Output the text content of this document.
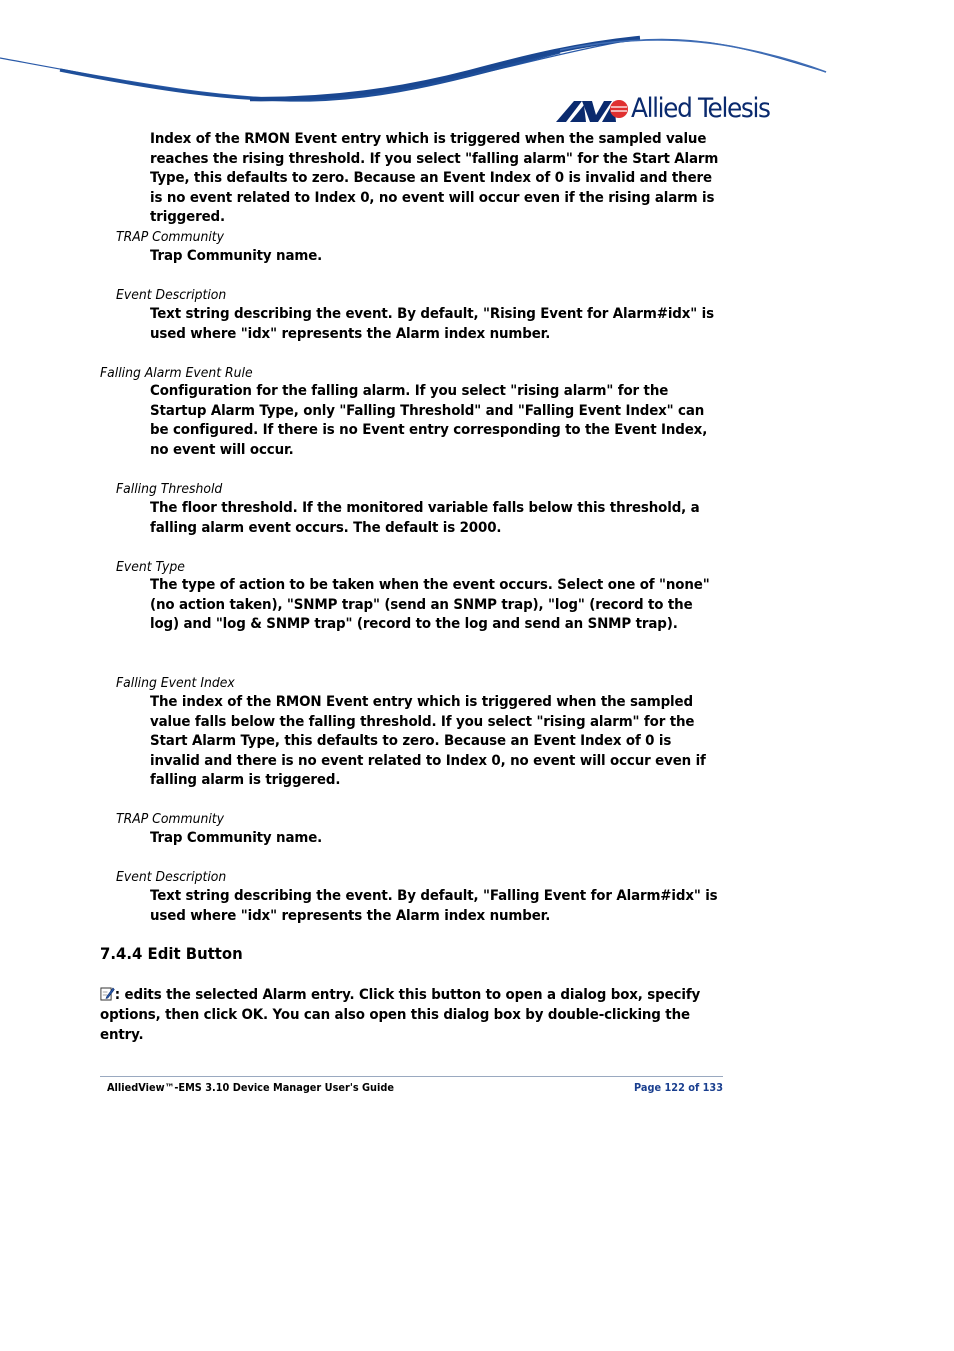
Allied Telesis
Index of the RMON Event entry which is triggered when the sampled value reaches the rising threshold. If you select "falling alarm" for the Start Alarm Type, this defaults to zero. Because an Event Index of 0 is invalid and there is no event related to Index 0, no event will occur even if the rising alarm is triggered.
TRAP Community
Trap Community name.
Event Description
Text string describing the event. By default, "Rising Event for Alarm#idx" is used where "idx" represents the Alarm index number.
Falling Alarm Event Rule
Configuration for the falling alarm. If you select "rising alarm" for the Startup Alarm Type, only "Falling Threshold" and "Falling Event Index" can be configured. If there is no Event entry corresponding to the Event Index, no event will occur.
Falling Threshold
The floor threshold. If the monitored variable falls below this threshold, a falling alarm event occurs. The default is 2000.
Event Type
The type of action to be taken when the event occurs. Select one of "none" (no action taken), "SNMP trap" (send an SNMP trap), "log" (record to the log) and "log & SNMP trap" (record to the log and send an SNMP trap).
Falling Event Index
The index of the RMON Event entry which is triggered when the sampled value falls below the falling threshold. If you select "rising alarm" for the Start Alarm Type, this defaults to zero. Because an Event Index of 0 is invalid and there is no event related to Index 0, no event will occur even if falling alarm is triggered.
TRAP Community
Trap Community name.
Event Description
Text string describing the event. By default, "Falling Event for Alarm#idx" is used where "idx" represents the Alarm index number.
7.4.4 Edit Button
: edits the selected Alarm entry. Click this button to open a dialog box, specify options, then click OK. You can also open this dialog box by double-clicking the entry.
AlliedView™-EMS 3.10 Device Manager User's Guide	Page 122 of 133
